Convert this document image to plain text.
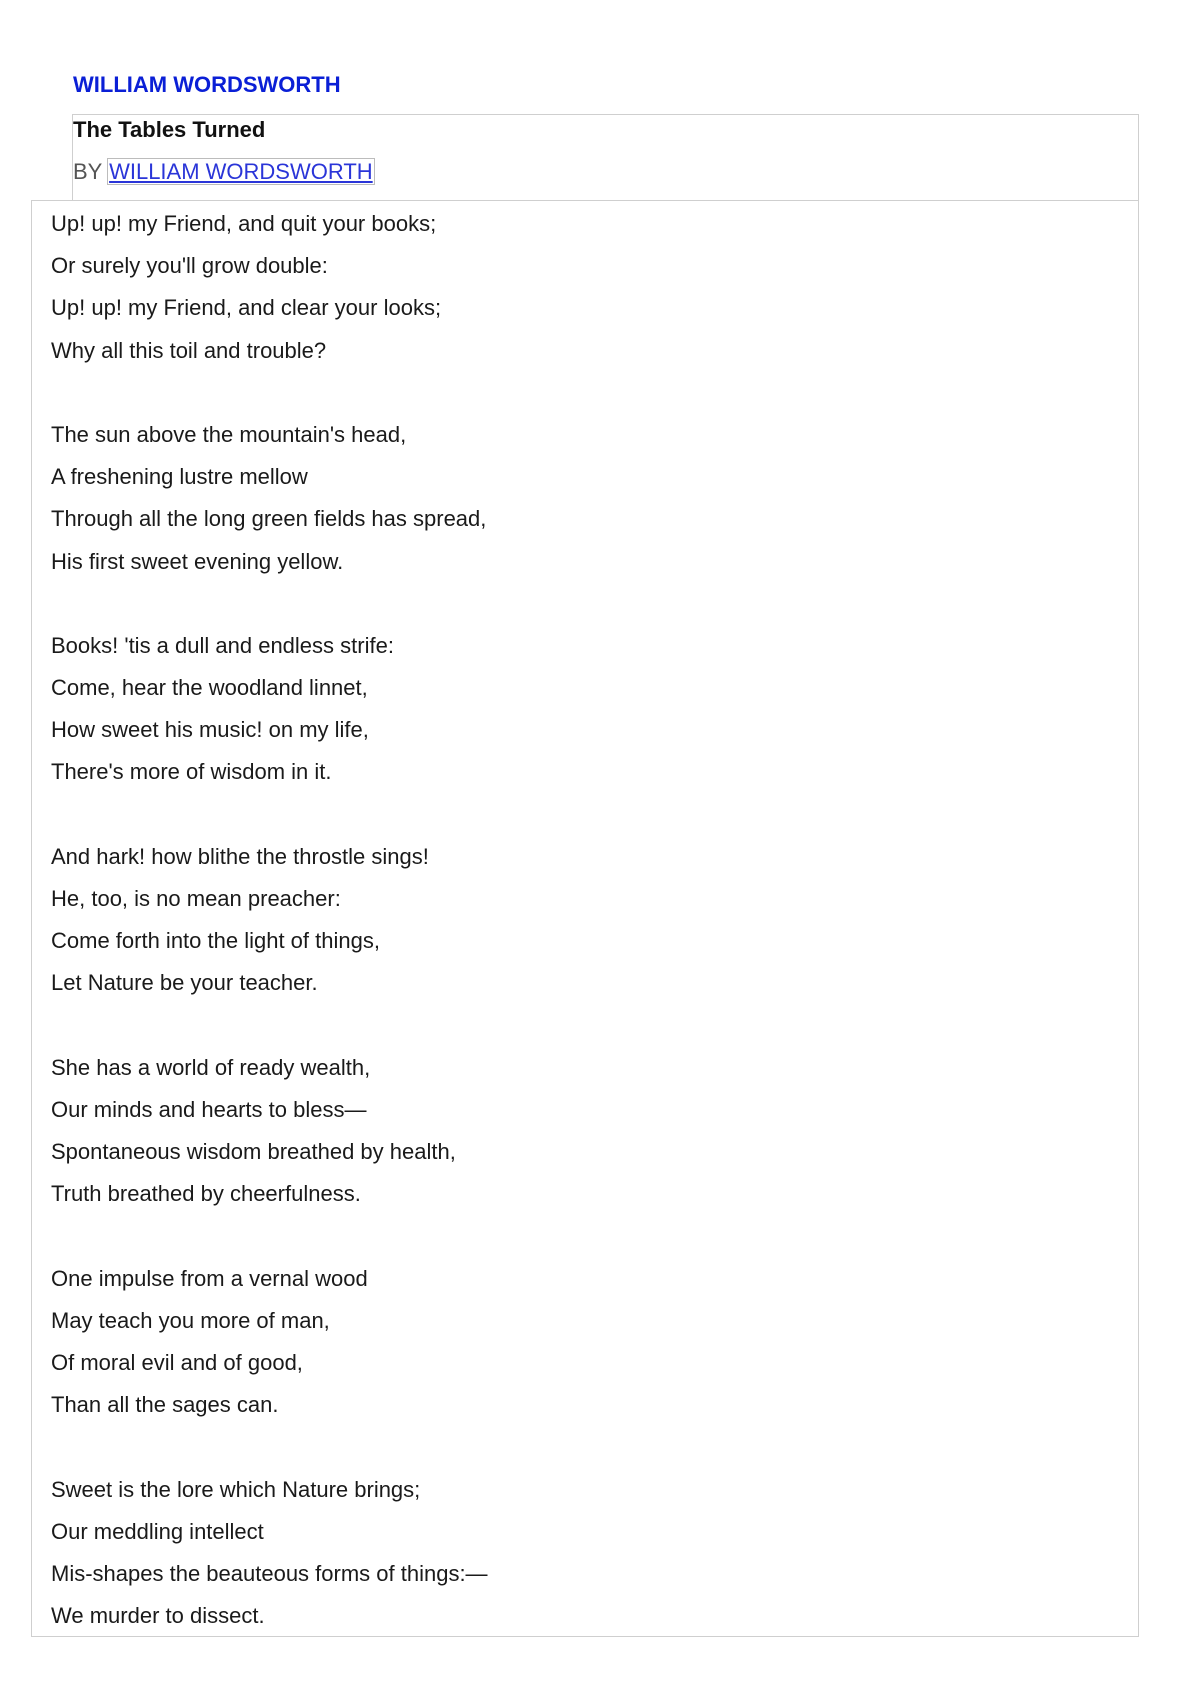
WILLIAM WORDSWORTH
The Tables Turned
BY WILLIAM WORDSWORTH
Up! up! my Friend, and quit your books;
Or surely you'll grow double:
Up! up! my Friend, and clear your looks;
Why all this toil and trouble?
The sun above the mountain's head,
A freshening lustre mellow
Through all the long green fields has spread,
His first sweet evening yellow.
Books! 'tis a dull and endless strife:
Come, hear the woodland linnet,
How sweet his music! on my life,
There's more of wisdom in it.
And hark! how blithe the throstle sings!
He, too, is no mean preacher:
Come forth into the light of things,
Let Nature be your teacher.
She has a world of ready wealth,
Our minds and hearts to bless—
Spontaneous wisdom breathed by health,
Truth breathed by cheerfulness.
One impulse from a vernal wood
May teach you more of man,
Of moral evil and of good,
Than all the sages can.
Sweet is the lore which Nature brings;
Our meddling intellect
Mis-shapes the beauteous forms of things:—
We murder to dissect.
